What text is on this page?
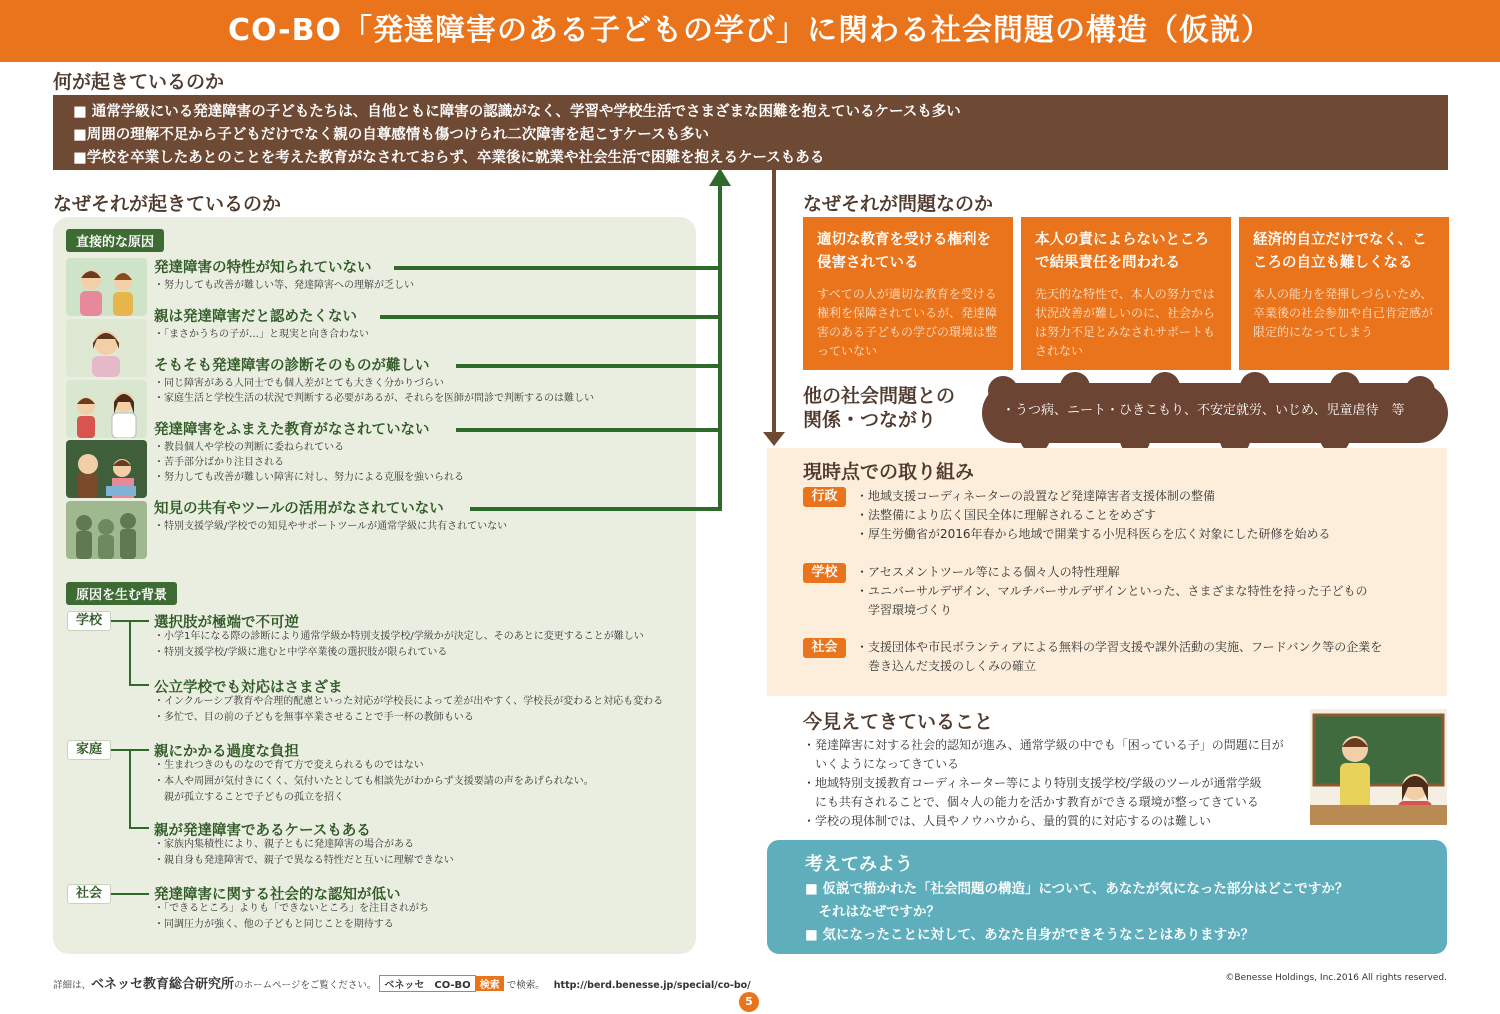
CO-BO「発達障害のある子どもの学び」に関わる社会問題の構造（仮説）
何が起きているのか
■ 通常学級にいる発達障害の子どもたちは、自他ともに障害の認識がなく、学習や学校生活でさまざまな困難を抱えているケースも多い
■周囲の理解不足から子どもだけでなく親の自尊感情も傷つけられ二次障害を起こすケースも多い
■学校を卒業したあとのことを考えた教育がなされておらず、卒業後に就業や社会生活で困難を抱えるケースもある
なぜそれが起きているのか
直接的な原因
発達障害の特性が知られていない
・努力しても改善が難しい等、発達障害への理解が乏しい
親は発達障害だと認めたくない
・「まさかうちの子が…」と現実と向き合わない
そもそも発達障害の診断そのものが難しい
・同じ障害がある人同士でも個人差がとても大きく分かりづらい
・家庭生活と学校生活の状況で判断する必要があるが、それらを医師が問診で判断するのは難しい
発達障害をふまえた教育がなされていない
・教員個人や学校の判断に委ねられている
・苦手部分ばかり注目される
・努力しても改善が難しい障害に対し、努力による克服を強いられる
知見の共有やツールの活用がなされていない
・特別支援学級/学校での知見やサポートツールが通常学級に共有されていない
原因を生む背景
学校	選択肢が極端で不可逆
・小学1年になる際の診断により通常学級か特別支援学校/学級かが決定し、そのあとに変更することが難しい
・特別支援学校/学級に進むと中学卒業後の選択肢が限られている
公立学校でも対応はさまざま
・インクルーシブ教育や合理的配慮といった対応が学校長によって差が出やすく、学校長が変わると対応も変わる
・多忙で、目の前の子どもを無事卒業させることで手一杯の教師もいる
家庭	親にかかる過度な負担
・生まれつきのものなので育て方で変えられるものではない
・本人や周囲が気付きにくく、気付いたとしても相談先がわからず支援要請の声をあげられない。
　親が孤立することで子どもの孤立を招く
親が発達障害であるケースもある
・家族内集積性により、親子ともに発達障害の場合がある
・親自身も発達障害で、親子で異なる特性だと互いに理解できない
社会	発達障害に関する社会的な認知が低い
・「できるところ」よりも「できないところ」を注目されがち
・同調圧力が強く、他の子どもと同じことを期待する
なぜそれが問題なのか
適切な教育を受ける権利を侵害されている
すべての人が適切な教育を受ける権利を保障されているが、発達障害のある子どもの学びの環境は整っていない
本人の責によらないところで結果責任を問われる
先天的な特性で、本人の努力では状況改善が難しいのに、社会からは努力不足とみなされサポートもされない
経済的自立だけでなく、こころの自立も難しくなる
本人の能力を発揮しづらいため、卒業後の社会参加や自己肯定感が限定的になってしまう
他の社会問題との
関係・つながり	・うつ病、ニート・ひきこもり、不安定就労、いじめ、児童虐待　等
現時点での取り組み
行政	・地域支援コーディネーターの設置など発達障害者支援体制の整備
・法整備により広く国民全体に理解されることをめざす
・厚生労働省が2016年春から地域で開業する小児科医らを広く対象にした研修を始める
学校	・アセスメントツール等による個々人の特性理解
・ユニバーサルデザイン、マルチバーサルデザインといった、さまざまな特性を持った子どもの
　学習環境づくり
社会	・支援団体や市民ボランティアによる無料の学習支援や課外活動の実施、フードバンク等の企業を
　巻き込んだ支援のしくみの確立
今見えてきていること
・発達障害に対する社会的認知が進み、通常学級の中でも「困っている子」の問題に目が
　いくようになってきている
・地域特別支援教育コーディネーター等により特別支援学校/学級のツールが通常学級
　にも共有されることで、個々人の能力を活かす教育ができる環境が整ってきている
・学校の現体制では、人員やノウハウから、量的質的に対応するのは難しい
考えてみよう
■ 仮説で描かれた「社会問題の構造」について、あなたが気になった部分はどこですか？
　それはなぜですか？
■ 気になったことに対して、あなた自身ができそうなことはありますか？
詳細は、ベネッセ教育総合研究所のホームページをご覧ください。 ベネッセ　CO-BO 検索 で検索。 http://berd.benesse.jp/special/co-bo/
©Benesse Holdings, Inc.2016 All rights reserved.
5
